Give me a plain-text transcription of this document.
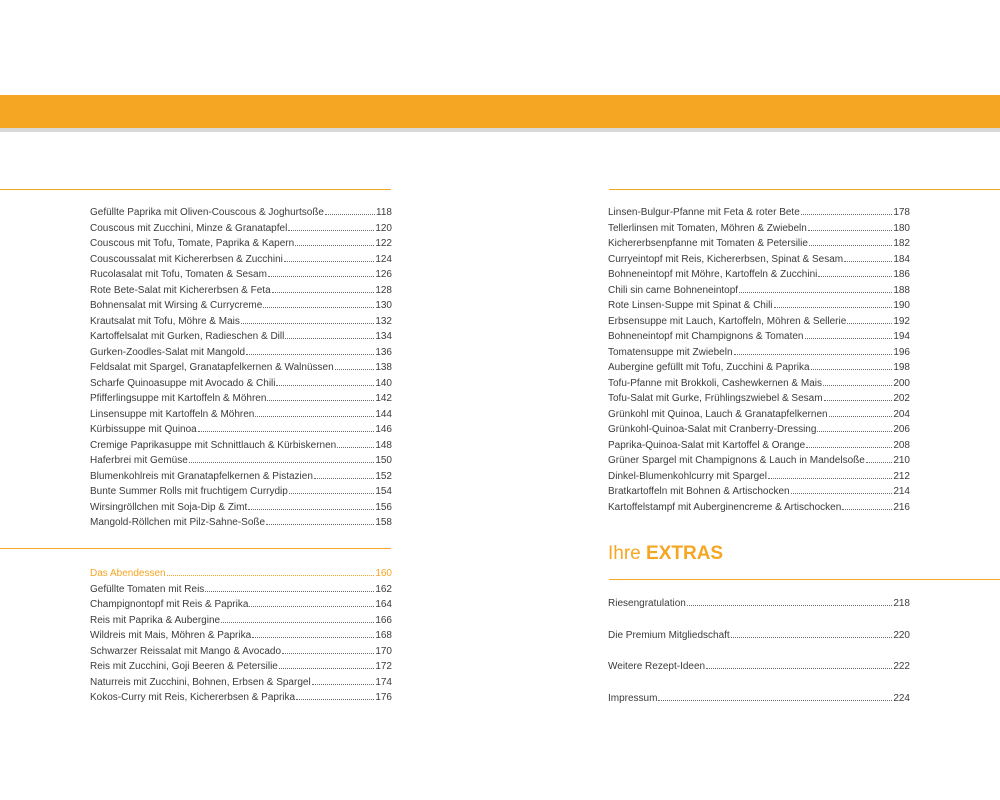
Gefüllte Paprika mit Oliven-Couscous & Joghurtsoße	118
Couscous mit Zucchini, Minze & Granatapfel	120
Couscous mit Tofu, Tomate, Paprika & Kapern	122
Couscoussalat mit Kichererbsen & Zucchini	124
Rucolasalat mit Tofu, Tomaten & Sesam	126
Rote Bete-Salat mit Kichererbsen & Feta	128
Bohnensalat mit Wirsing & Currycreme	130
Krautsalat mit Tofu, Möhre & Mais	132
Kartoffelsalat mit Gurken, Radieschen & Dill	134
Gurken-Zoodles-Salat mit Mangold	136
Feldsalat mit Spargel, Granatapfelkernen & Walnüssen	138
Scharfe Quinoasuppe mit Avocado & Chili	140
Pfifferlingsuppe mit Kartoffeln & Möhren	142
Linsensuppe mit Kartoffeln & Möhren	144
Kürbissuppe mit Quinoa	146
Cremige Paprikasuppe mit Schnittlauch & Kürbiskernen	148
Haferbrei mit Gemüse	150
Blumenkohlreis mit Granatapfelkernen & Pistazien	152
Bunte Summer Rolls mit fruchtigem Currydip	154
Wirsingröllchen mit Soja-Dip & Zimt	156
Mangold-Röllchen mit Pilz-Sahne-Soße	158
Das Abendessen	160
Gefüllte Tomaten mit Reis	162
Champignontopf mit Reis & Paprika	164
Reis mit Paprika & Aubergine	166
Wildreis mit Mais, Möhren & Paprika	168
Schwarzer Reissalat mit Mango & Avocado	170
Reis mit Zucchini, Goji Beeren & Petersilie	172
Naturreis mit Zucchini, Bohnen, Erbsen & Spargel	174
Kokos-Curry mit Reis, Kichererbsen & Paprika	176
Linsen-Bulgur-Pfanne mit Feta & roter Bete	178
Tellerlinsen mit Tomaten, Möhren & Zwiebeln	180
Kichererbsenpfanne mit Tomaten & Petersilie	182
Curryeintopf mit Reis, Kichererbsen, Spinat & Sesam	184
Bohneneintopf mit Möhre, Kartoffeln & Zucchini	186
Chili sin carne Bohneneintopf	188
Rote Linsen-Suppe mit Spinat & Chili	190
Erbsensuppe mit Lauch, Kartoffeln, Möhren & Sellerie	192
Bohneneintopf mit Champignons & Tomaten	194
Tomatensuppe mit Zwiebeln	196
Aubergine gefüllt mit Tofu, Zucchini & Paprika	198
Tofu-Pfanne mit Brokkoli, Cashewkernen & Mais	200
Tofu-Salat mit Gurke, Frühlingszwiebel & Sesam	202
Grünkohl mit Quinoa, Lauch & Granatapfelkernen	204
Grünkohl-Quinoa-Salat mit Cranberry-Dressing	206
Paprika-Quinoa-Salat mit Kartoffel & Orange	208
Grüner Spargel mit Champignons & Lauch in Mandelsoße	210
Dinkel-Blumenkohlcurry mit Spargel	212
Bratkartoffeln mit Bohnen & Artischocken	214
Kartoffelstampf mit Auberginencreme & Artischocken	216
Ihre EXTRAS
Riesengratulation	218
Die Premium Mitgliedschaft	220
Weitere Rezept-Ideen	222
Impressum	224
